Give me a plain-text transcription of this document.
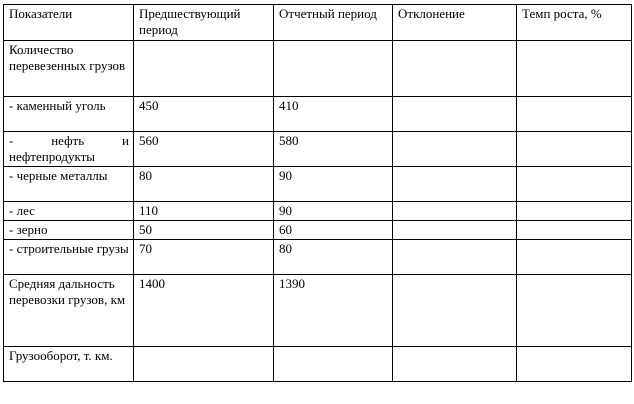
Показатели	Предшествующий период	Отчетный период	Отклонение	Темп роста, %
Количество перевезенных грузов				
- каменный уголь	450	410		
- нефть и нефтепродукты	560	580		
- черные металлы	80	90		
- лес	110	90		
- зерно	50	60		
- строительные грузы	70	80		
Средняя дальность перевозки грузов, км	1400	1390		
Грузооборот, т. км.				
